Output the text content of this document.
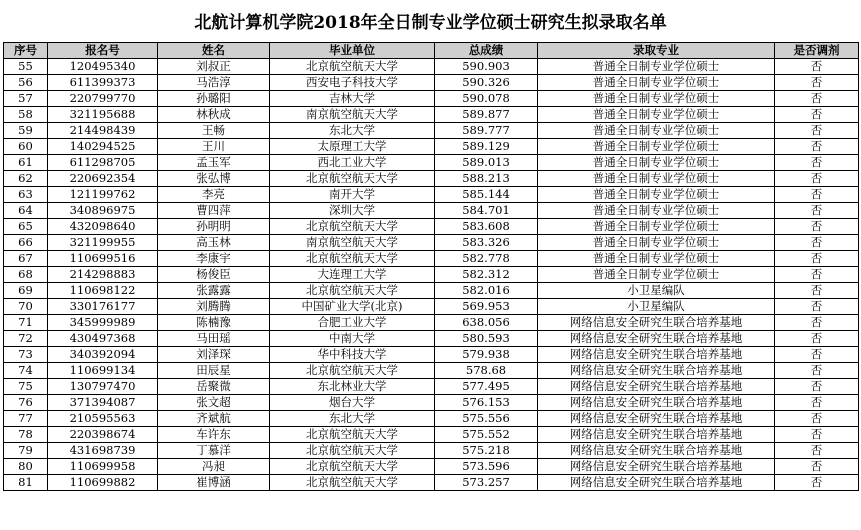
北航计算机学院2018年全日制专业学位硕士研究生拟录取名单
序号	报名号	姓名	毕业单位	总成绩	录取专业	是否调剂
55	120495340	刘叔正	北京航空航天大学	590.903	普通全日制专业学位硕士	否
56	611399373	马浩淳	西安电子科技大学	590.326	普通全日制专业学位硕士	否
57	220799770	孙璐阳	吉林大学	590.078	普通全日制专业学位硕士	否
58	321195688	林秋成	南京航空航天大学	589.877	普通全日制专业学位硕士	否
59	214498439	王畅	东北大学	589.777	普通全日制专业学位硕士	否
60	140294525	王川	太原理工大学	589.129	普通全日制专业学位硕士	否
61	611298705	孟玉军	西北工业大学	589.013	普通全日制专业学位硕士	否
62	220692354	张弘博	北京航空航天大学	588.213	普通全日制专业学位硕士	否
63	121199762	李亮	南开大学	585.144	普通全日制专业学位硕士	否
64	340896975	曹四萍	深圳大学	584.701	普通全日制专业学位硕士	否
65	432098640	孙明明	北京航空航天大学	583.608	普通全日制专业学位硕士	否
66	321199955	高玉林	南京航空航天大学	583.326	普通全日制专业学位硕士	否
67	110699516	李康宇	北京航空航天大学	582.778	普通全日制专业学位硕士	否
68	214298883	杨俊臣	大连理工大学	582.312	普通全日制专业学位硕士	否
69	110698122	张露露	北京航空航天大学	582.016	小卫星编队	否
70	330176177	刘腾腾	中国矿业大学(北京)	569.953	小卫星编队	否
71	345999989	陈楠豫	合肥工业大学	638.056	网络信息安全研究生联合培养基地	否
72	430497368	马田瑶	中南大学	580.593	网络信息安全研究生联合培养基地	否
73	340392094	刘泽琛	华中科技大学	579.938	网络信息安全研究生联合培养基地	否
74	110699134	田辰星	北京航空航天大学	578.68	网络信息安全研究生联合培养基地	否
75	130797470	岳聚微	东北林业大学	577.495	网络信息安全研究生联合培养基地	否
76	371394087	张文超	烟台大学	576.153	网络信息安全研究生联合培养基地	否
77	210595563	齐斌航	东北大学	575.556	网络信息安全研究生联合培养基地	否
78	220398674	车许东	北京航空航天大学	575.552	网络信息安全研究生联合培养基地	否
79	431698739	丁慕洋	北京航空航天大学	575.218	网络信息安全研究生联合培养基地	否
80	110699958	冯昶	北京航空航天大学	573.596	网络信息安全研究生联合培养基地	否
81	110699882	崔博涵	北京航空航天大学	573.257	网络信息安全研究生联合培养基地	否
